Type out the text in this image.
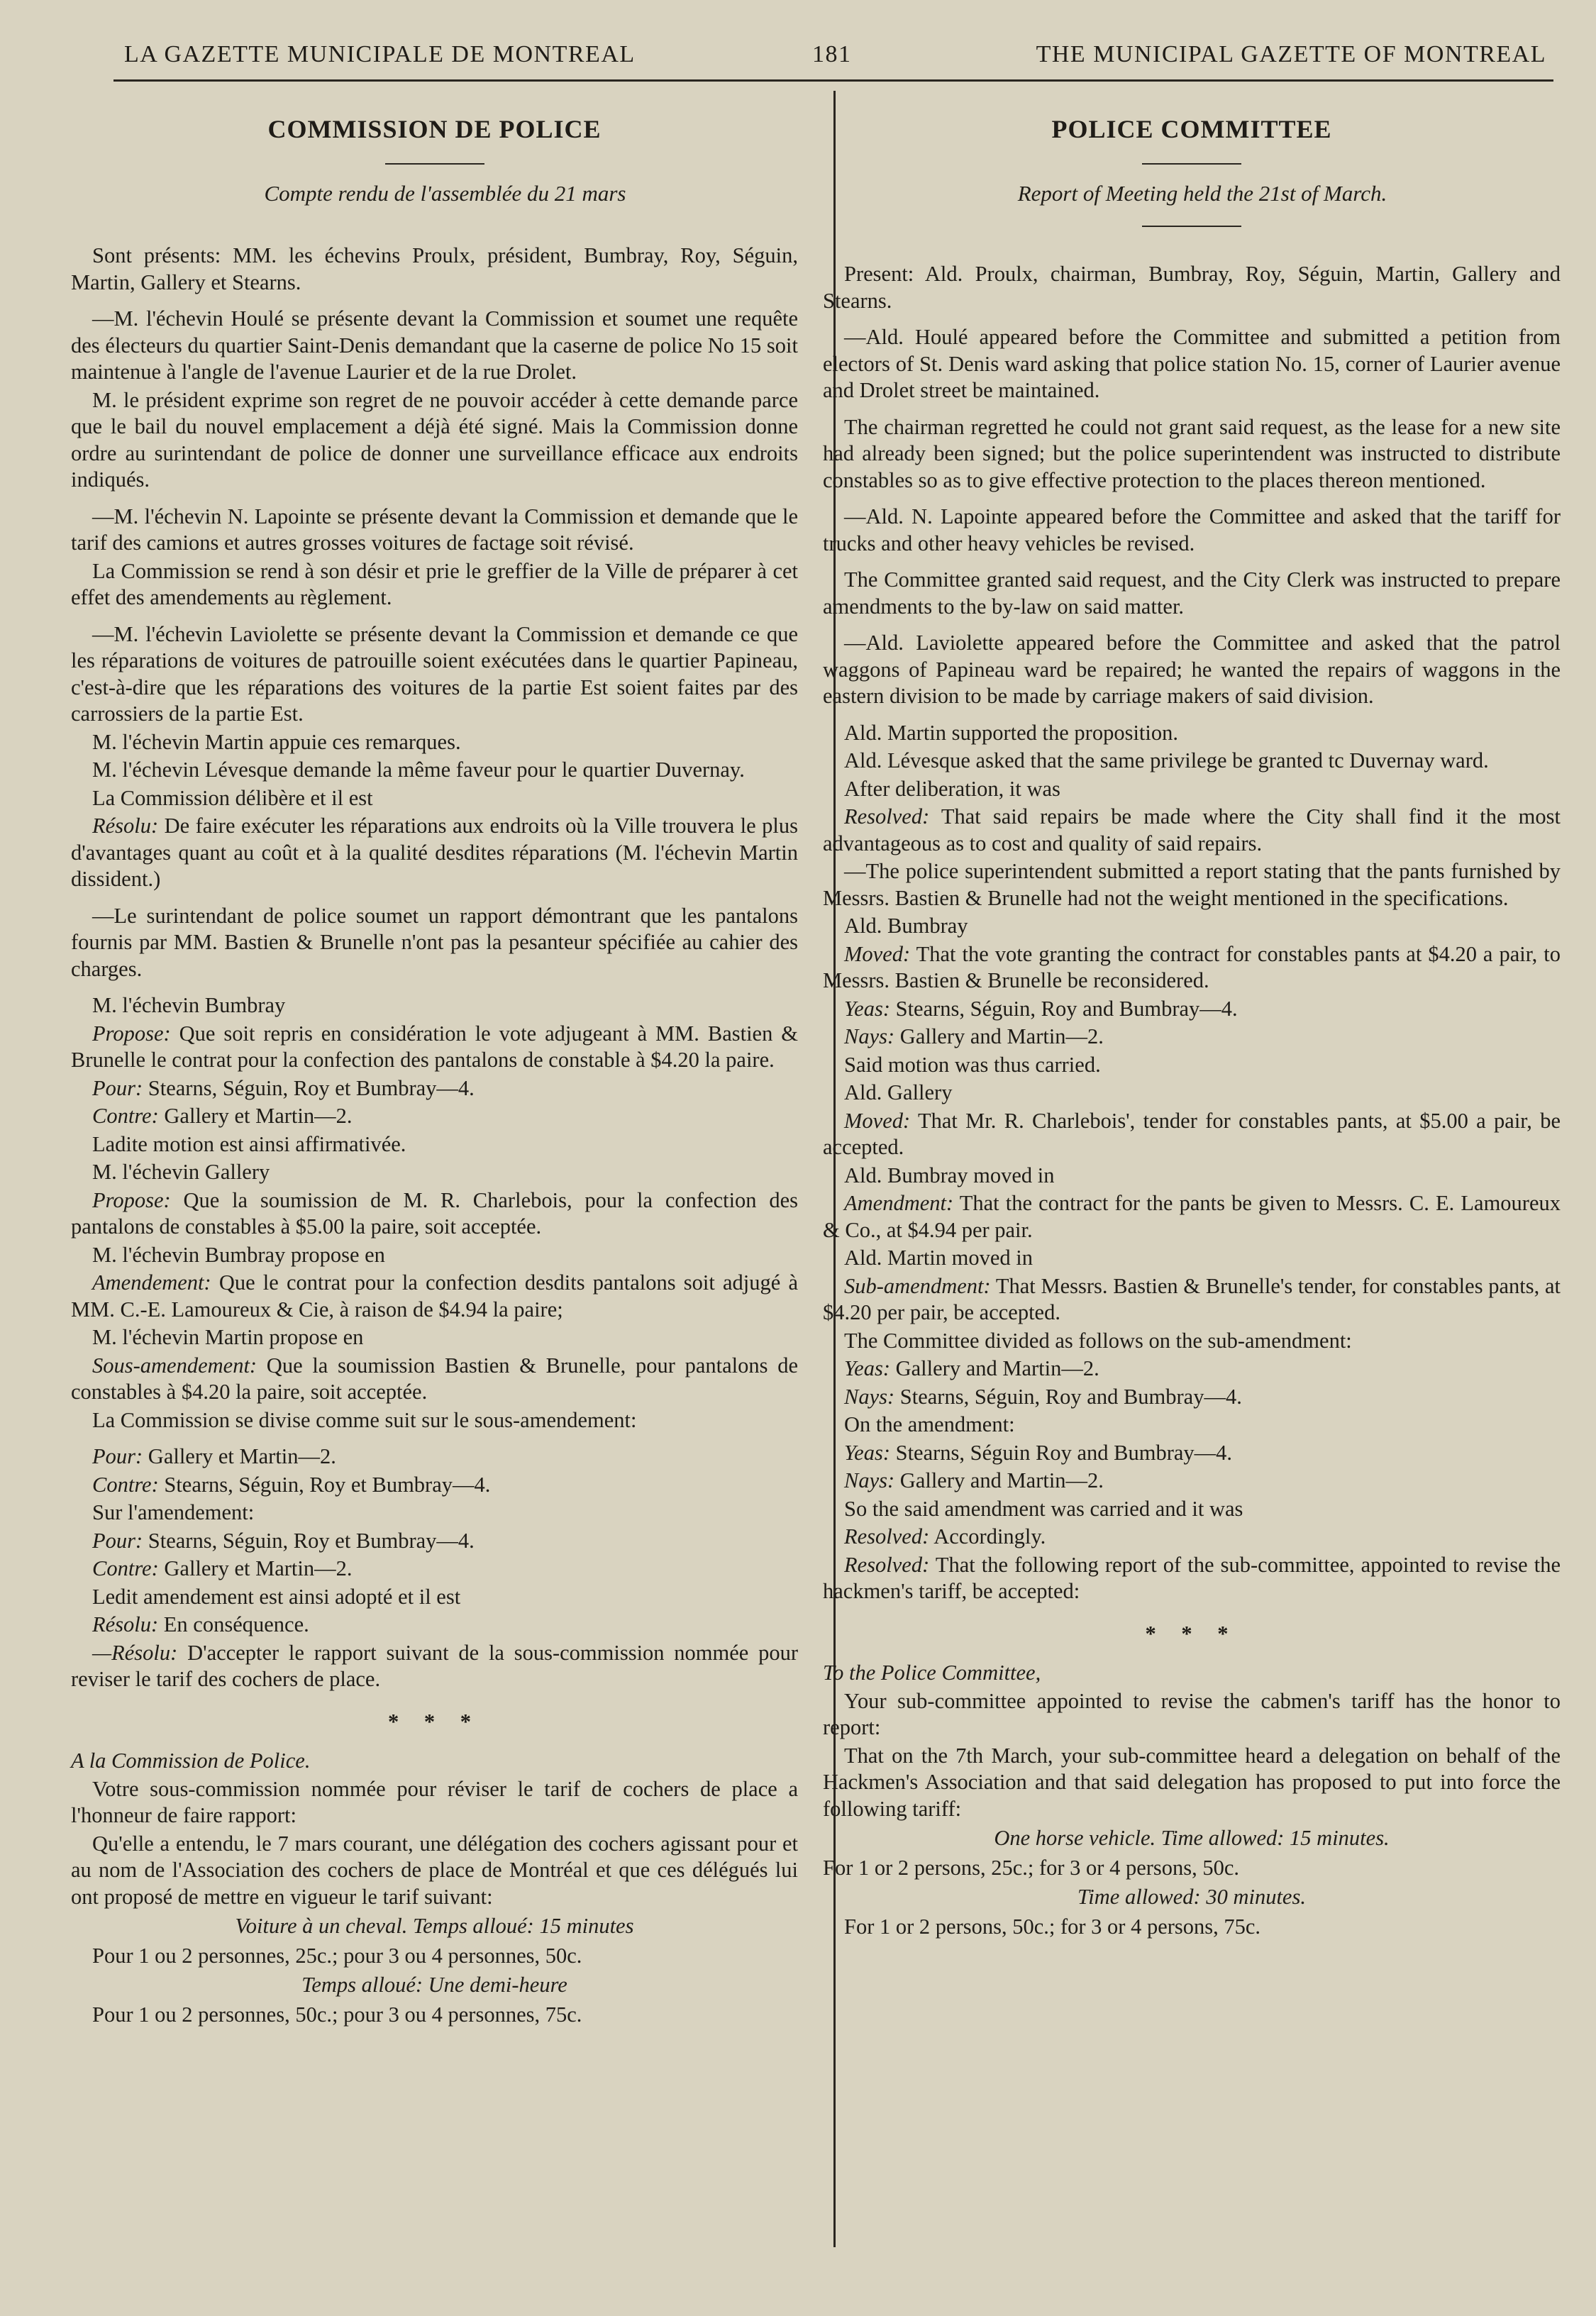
LA GAZETTE MUNICIPALE DE MONTREAL	181	THE MUNICIPAL GAZETTE OF MONTREAL
COMMISSION DE POLICE

Compte rendu de l'assemblée du 21 mars

Sont présents: MM. les échevins Proulx, président, Bumbray, Roy, Séguin, Martin, Gallery et Stearns.

—M. l'échevin Houlé se présente devant la Commission et soumet une requête des électeurs du quartier Saint-Denis demandant que la caserne de police No 15 soit maintenue à l'angle de l'avenue Laurier et de la rue Drolet.

M. le président exprime son regret de ne pouvoir accéder à cette demande parce que le bail du nouvel emplacement a déjà été signé. Mais la Commission donne ordre au surintendant de police de donner une surveillance efficace aux endroits indiqués.

—M. l'échevin N. Lapointe se présente devant la Commission et demande que le tarif des camions et autres grosses voitures de factage soit révisé.

La Commission se rend à son désir et prie le greffier de la Ville de préparer à cet effet des amendements au règlement.

—M. l'échevin Laviolette se présente devant la Commission et demande ce que les réparations de voitures de patrouille soient exécutées dans le quartier Papineau, c'est-à-dire que les réparations des voitures de la partie Est soient faites par des carrossiers de la partie Est.

M. l'échevin Martin appuie ces remarques.

M. l'échevin Lévesque demande la même faveur pour le quartier Duvernay.

La Commission délibère et il est

Résolu: De faire exécuter les réparations aux endroits où la Ville trouvera le plus d'avantages quant au coût et à la qualité desdites réparations (M. l'échevin Martin dissident.)

—Le surintendant de police soumet un rapport démontrant que les pantalons fournis par MM. Bastien & Brunelle n'ont pas la pesanteur spécifiée au cahier des charges.

M. l'échevin Bumbray

Propose: Que soit repris en considération le vote adjugeant à MM. Bastien & Brunelle le contrat pour la confection des pantalons de constable à $4.20 la paire.

Pour: Stearns, Séguin, Roy et Bumbray—4.

Contre: Gallery et Martin—2.

Ladite motion est ainsi affirmativée.

M. l'échevin Gallery

Propose: Que la soumission de M. R. Charlebois, pour la confection des pantalons de constables à $5.00 la paire, soit acceptée.

M. l'échevin Bumbray propose en

Amendement: Que le contrat pour la confection desdits pantalons soit adjugé à MM. C.-E. Lamoureux & Cie, à raison de $4.94 la paire;

M. l'échevin Martin propose en

Sous-amendement: Que la soumission Bastien & Brunelle, pour pantalons de constables à $4.20 la paire, soit acceptée.

La Commission se divise comme suit sur le sous-amendement:

Pour: Gallery et Martin—2.

Contre: Stearns, Séguin, Roy et Bumbray—4.

Sur l'amendement:

Pour: Stearns, Séguin, Roy et Bumbray—4.

Contre: Gallery et Martin—2.

Ledit amendement est ainsi adopté et il est

Résolu: En conséquence.

—Résolu: D'accepter le rapport suivant de la sous-commission nommée pour reviser le tarif des cochers de place.

* * *

A la Commission de Police.

Votre sous-commission nommée pour réviser le tarif de cochers de place a l'honneur de faire rapport:

Qu'elle a entendu, le 7 mars courant, une délégation des cochers agissant pour et au nom de l'Association des cochers de place de Montréal et que ces délégués lui ont proposé de mettre en vigueur le tarif suivant:

Voiture à un cheval. Temps alloué: 15 minutes

Pour 1 ou 2 personnes, 25c.; pour 3 ou 4 personnes, 50c.

Temps alloué: Une demi-heure

Pour 1 ou 2 personnes, 50c.; pour 3 ou 4 personnes, 75c.

POLICE COMMITTEE

Report of Meeting held the 21st of March.

Present: Ald. Proulx, chairman, Bumbray, Roy, Séguin, Martin, Gallery and Stearns.

—Ald. Houlé appeared before the Committee and submitted a petition from electors of St. Denis ward asking that police station No. 15, corner of Laurier avenue and Drolet street be maintained.

The chairman regretted he could not grant said request, as the lease for a new site had already been signed; but the police superintendent was instructed to distribute constables so as to give effective protection to the places thereon mentioned.

—Ald. N. Lapointe appeared before the Committee and asked that the tariff for trucks and other heavy vehicles be revised.

The Committee granted said request, and the City Clerk was instructed to prepare amendments to the by-law on said matter.

—Ald. Laviolette appeared before the Committee and asked that the patrol waggons of Papineau ward be repaired; he wanted the repairs of waggons in the eastern division to be made by carriage makers of said division.

Ald. Martin supported the proposition.

Ald. Lévesque asked that the same privilege be granted tc Duvernay ward.

After deliberation, it was

Resolved: That said repairs be made where the City shall find it the most advantageous as to cost and quality of said repairs.

—The police superintendent submitted a report stating that the pants furnished by Messrs. Bastien & Brunelle had not the weight mentioned in the specifications.

Ald. Bumbray

Moved: That the vote granting the contract for constables pants at $4.20 a pair, to Messrs. Bastien & Brunelle be reconsidered.

Yeas: Stearns, Séguin, Roy and Bumbray—4.

Nays: Gallery and Martin—2.

Said motion was thus carried.

Ald. Gallery

Moved: That Mr. R. Charlebois', tender for constables pants, at $5.00 a pair, be accepted.

Ald. Bumbray moved in

Amendment: That the contract for the pants be given to Messrs. C. E. Lamoureux & Co., at $4.94 per pair.

Ald. Martin moved in

Sub-amendment: That Messrs. Bastien & Brunelle's tender, for constables pants, at $4.20 per pair, be accepted.

The Committee divided as follows on the sub-amendment:

Yeas: Gallery and Martin—2.

Nays: Stearns, Séguin, Roy and Bumbray—4.

On the amendment:

Yeas: Stearns, Séguin Roy and Bumbray—4.

Nays: Gallery and Martin—2.

So the said amendment was carried and it was

Resolved: Accordingly.

Resolved: That the following report of the sub-committee, appointed to revise the hackmen's tariff, be accepted:

* * *

To the Police Committee,

Your sub-committee appointed to revise the cabmen's tariff has the honor to report:

That on the 7th March, your sub-committee heard a delegation on behalf of the Hackmen's Association and that said delegation has proposed to put into force the following tariff:

One horse vehicle. Time allowed: 15 minutes.

For 1 or 2 persons, 25c.; for 3 or 4 persons, 50c.

Time allowed: 30 minutes.

For 1 or 2 persons, 50c.; for 3 or 4 persons, 75c.
